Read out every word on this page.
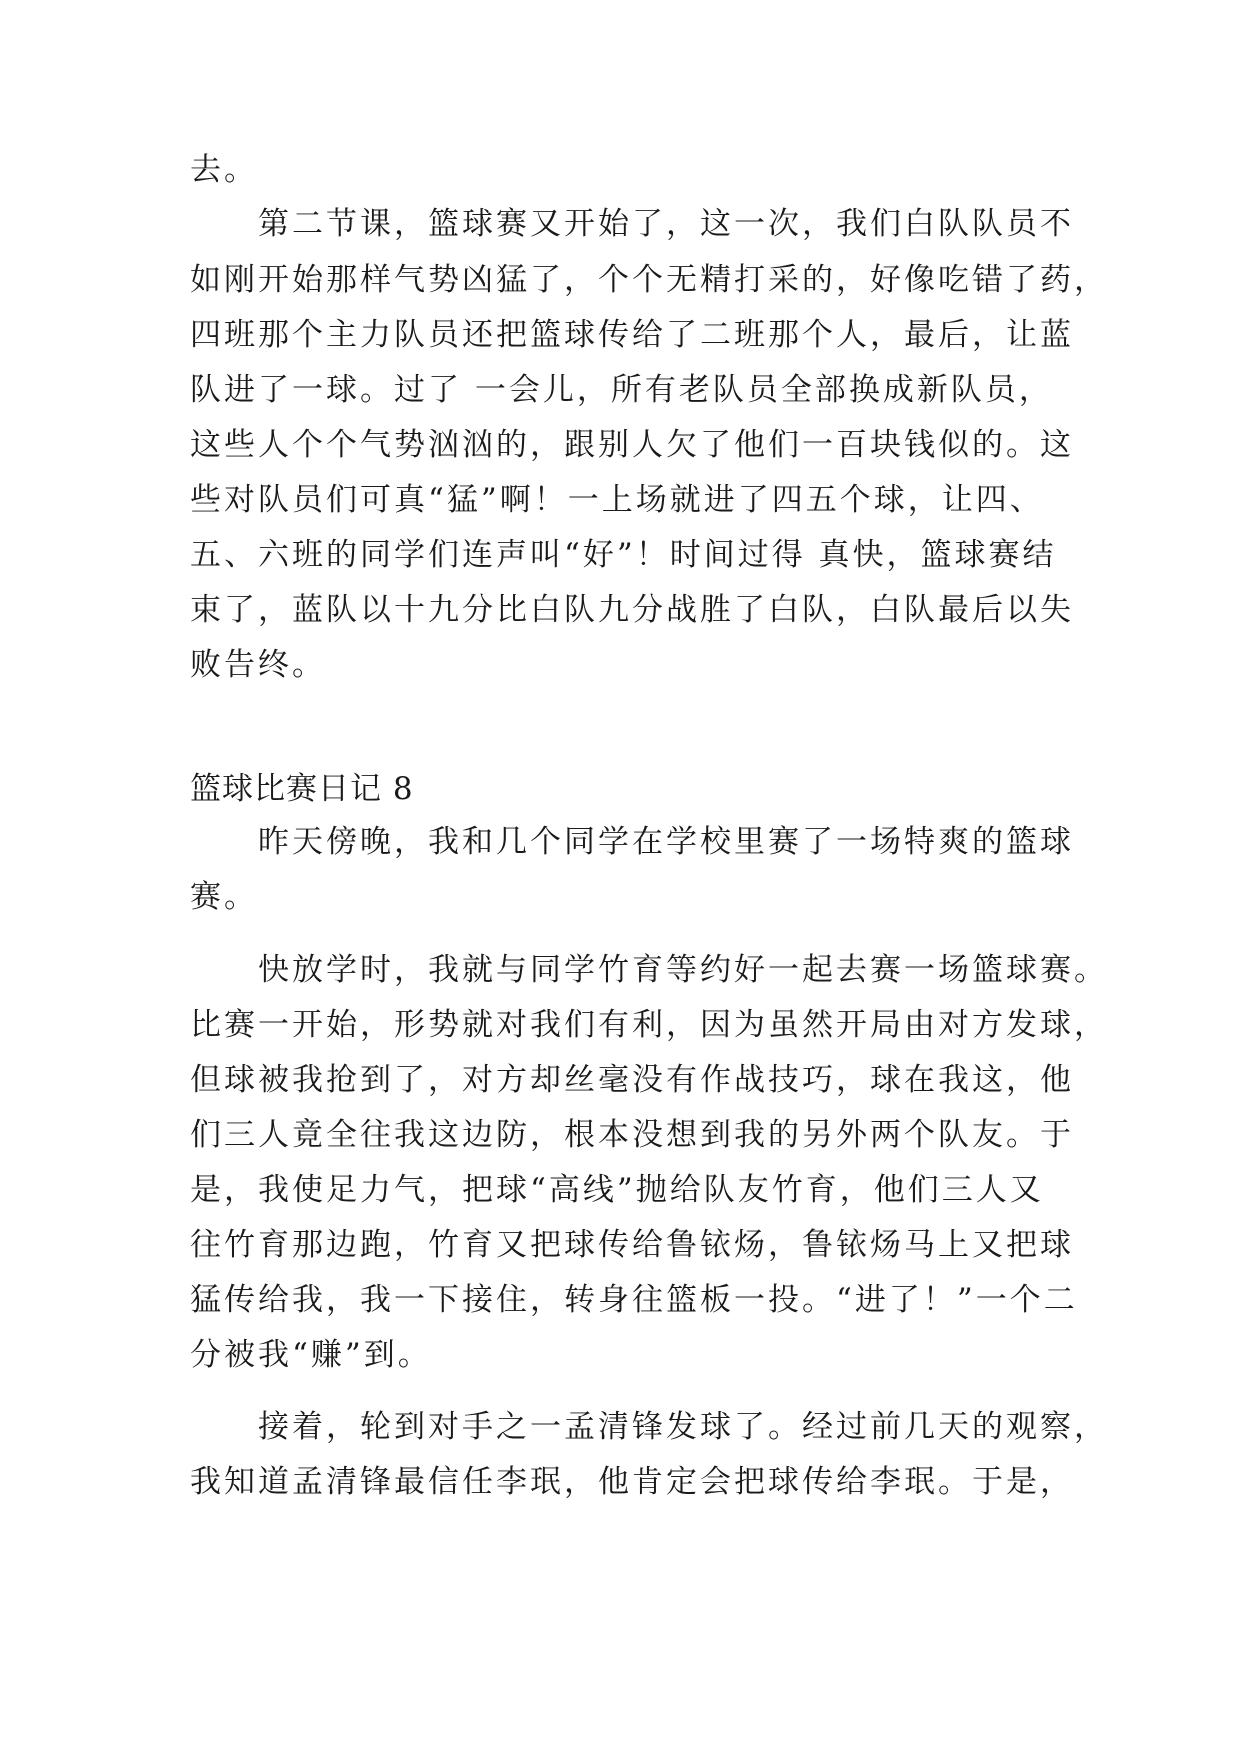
去。
第二节课，篮球赛又开始了，这一次，我们白队队员不
如刚开始那样气势凶猛了，个个无精打采的，好像吃错了药，
四班那个主力队员还把篮球传给了二班那个人，最后，让蓝
队进了一球。过了 一会儿，所有老队员全部换成新队员，
这些人个个气势汹汹的，跟别人欠了他们一百块钱似的。这
些对队员们可真“猛”啊！一上场就进了四五个球，让四、
五、六班的同学们连声叫“好”！时间过得 真快，篮球赛结
束了，蓝队以十九分比白队九分战胜了白队，白队最后以失
败告终。
篮球比赛日记 8
昨天傍晚，我和几个同学在学校里赛了一场特爽的篮球
赛。
快放学时，我就与同学竹育等约好一起去赛一场篮球赛。
比赛一开始，形势就对我们有利，因为虽然开局由对方发球，
但球被我抢到了，对方却丝毫没有作战技巧，球在我这，他
们三人竟全往我这边防，根本没想到我的另外两个队友。于
是，我使足力气，把球“高线”抛给队友竹育，他们三人又
往竹育那边跑，竹育又把球传给鲁铱炀，鲁铱炀马上又把球
猛传给我，我一下接住，转身往篮板一投。“进了！”一个二
分被我“赚”到。
接着，轮到对手之一孟清锋发球了。经过前几天的观察，
我知道孟清锋最信任李珉，他肯定会把球传给李珉。于是，
